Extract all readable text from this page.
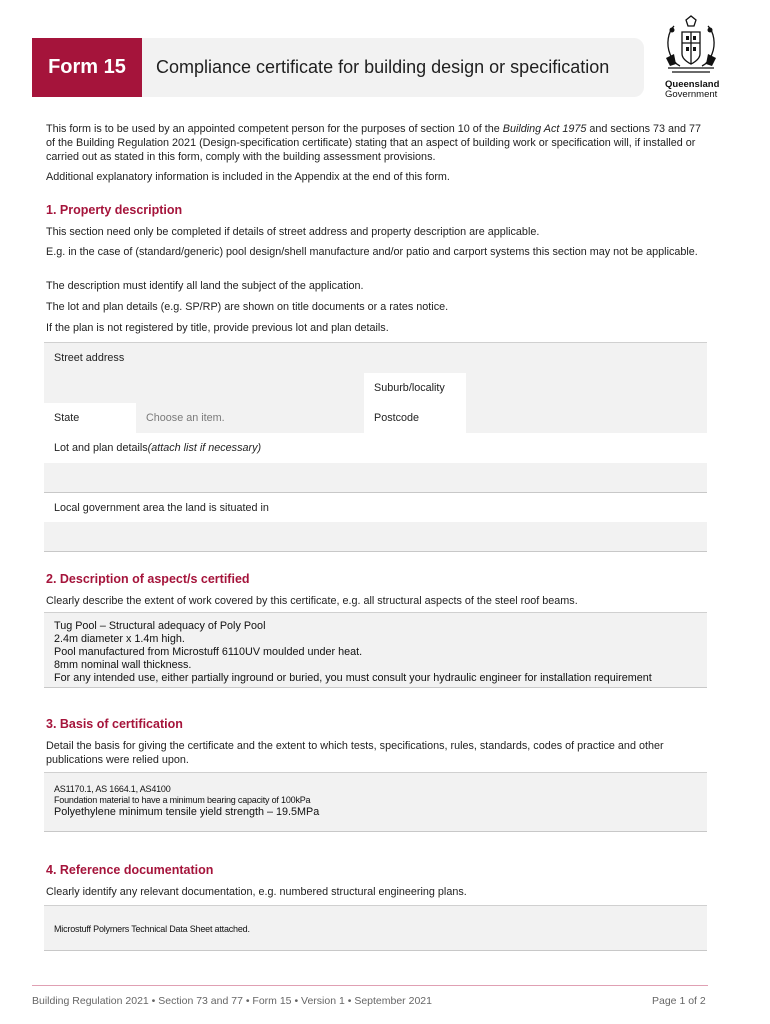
Form 15 Compliance certificate for building design or specification
Queensland
Government

This form is to be used by an appointed competent person for the purposes of section 10 of the Building Act 1975 and sections 73 and 77 of the Building Regulation 2021 (Design-specification certificate) stating that an aspect of building work or specification will, if installed or carried out as stated in this form, comply with the building assessment provisions.

Additional explanatory information is included in the Appendix at the end of this form.

1. Property description

This section need only be completed if details of street address and property description are applicable.

E.g. in the case of (standard/generic) pool design/shell manufacture and/or patio and carport systems this section may not be applicable.

The description must identify all land the subject of the application.

The lot and plan details (e.g. SP/RP) are shown on title documents or a rates notice.

If the plan is not registered by title, provide previous lot and plan details.

Street address
Suburb/locality
State	Choose an item.	Postcode
Lot and plan details (attach list if necessary)
Local government area the land is situated in
2. Description of aspect/s certified

Clearly describe the extent of work covered by this certificate, e.g. all structural aspects of the steel roof beams.

Tug Pool – Structural adequacy of Poly Pool
2.4m diameter x 1.4m high.
Pool manufactured from Microstuff 6110UV moulded under heat.
8mm nominal wall thickness.
For any intended use, either partially inground or buried, you must consult your hydraulic engineer for installation requirement
3. Basis of certification

Detail the basis for giving the certificate and the extent to which tests, specifications, rules, standards, codes of practice and other publications were relied upon.

AS1170.1, AS 1664.1, AS4100
Foundation material to have a minimum bearing capacity of 100kPa
Polyethylene minimum tensile yield strength – 19.5MPa
4. Reference documentation

Clearly identify any relevant documentation, e.g. numbered structural engineering plans.

Microstuff Polymers Technical Data Sheet attached.
Building Regulation 2021 • Section 73 and 77 • Form 15 • Version 1 • September 2021	Page 1 of 2
